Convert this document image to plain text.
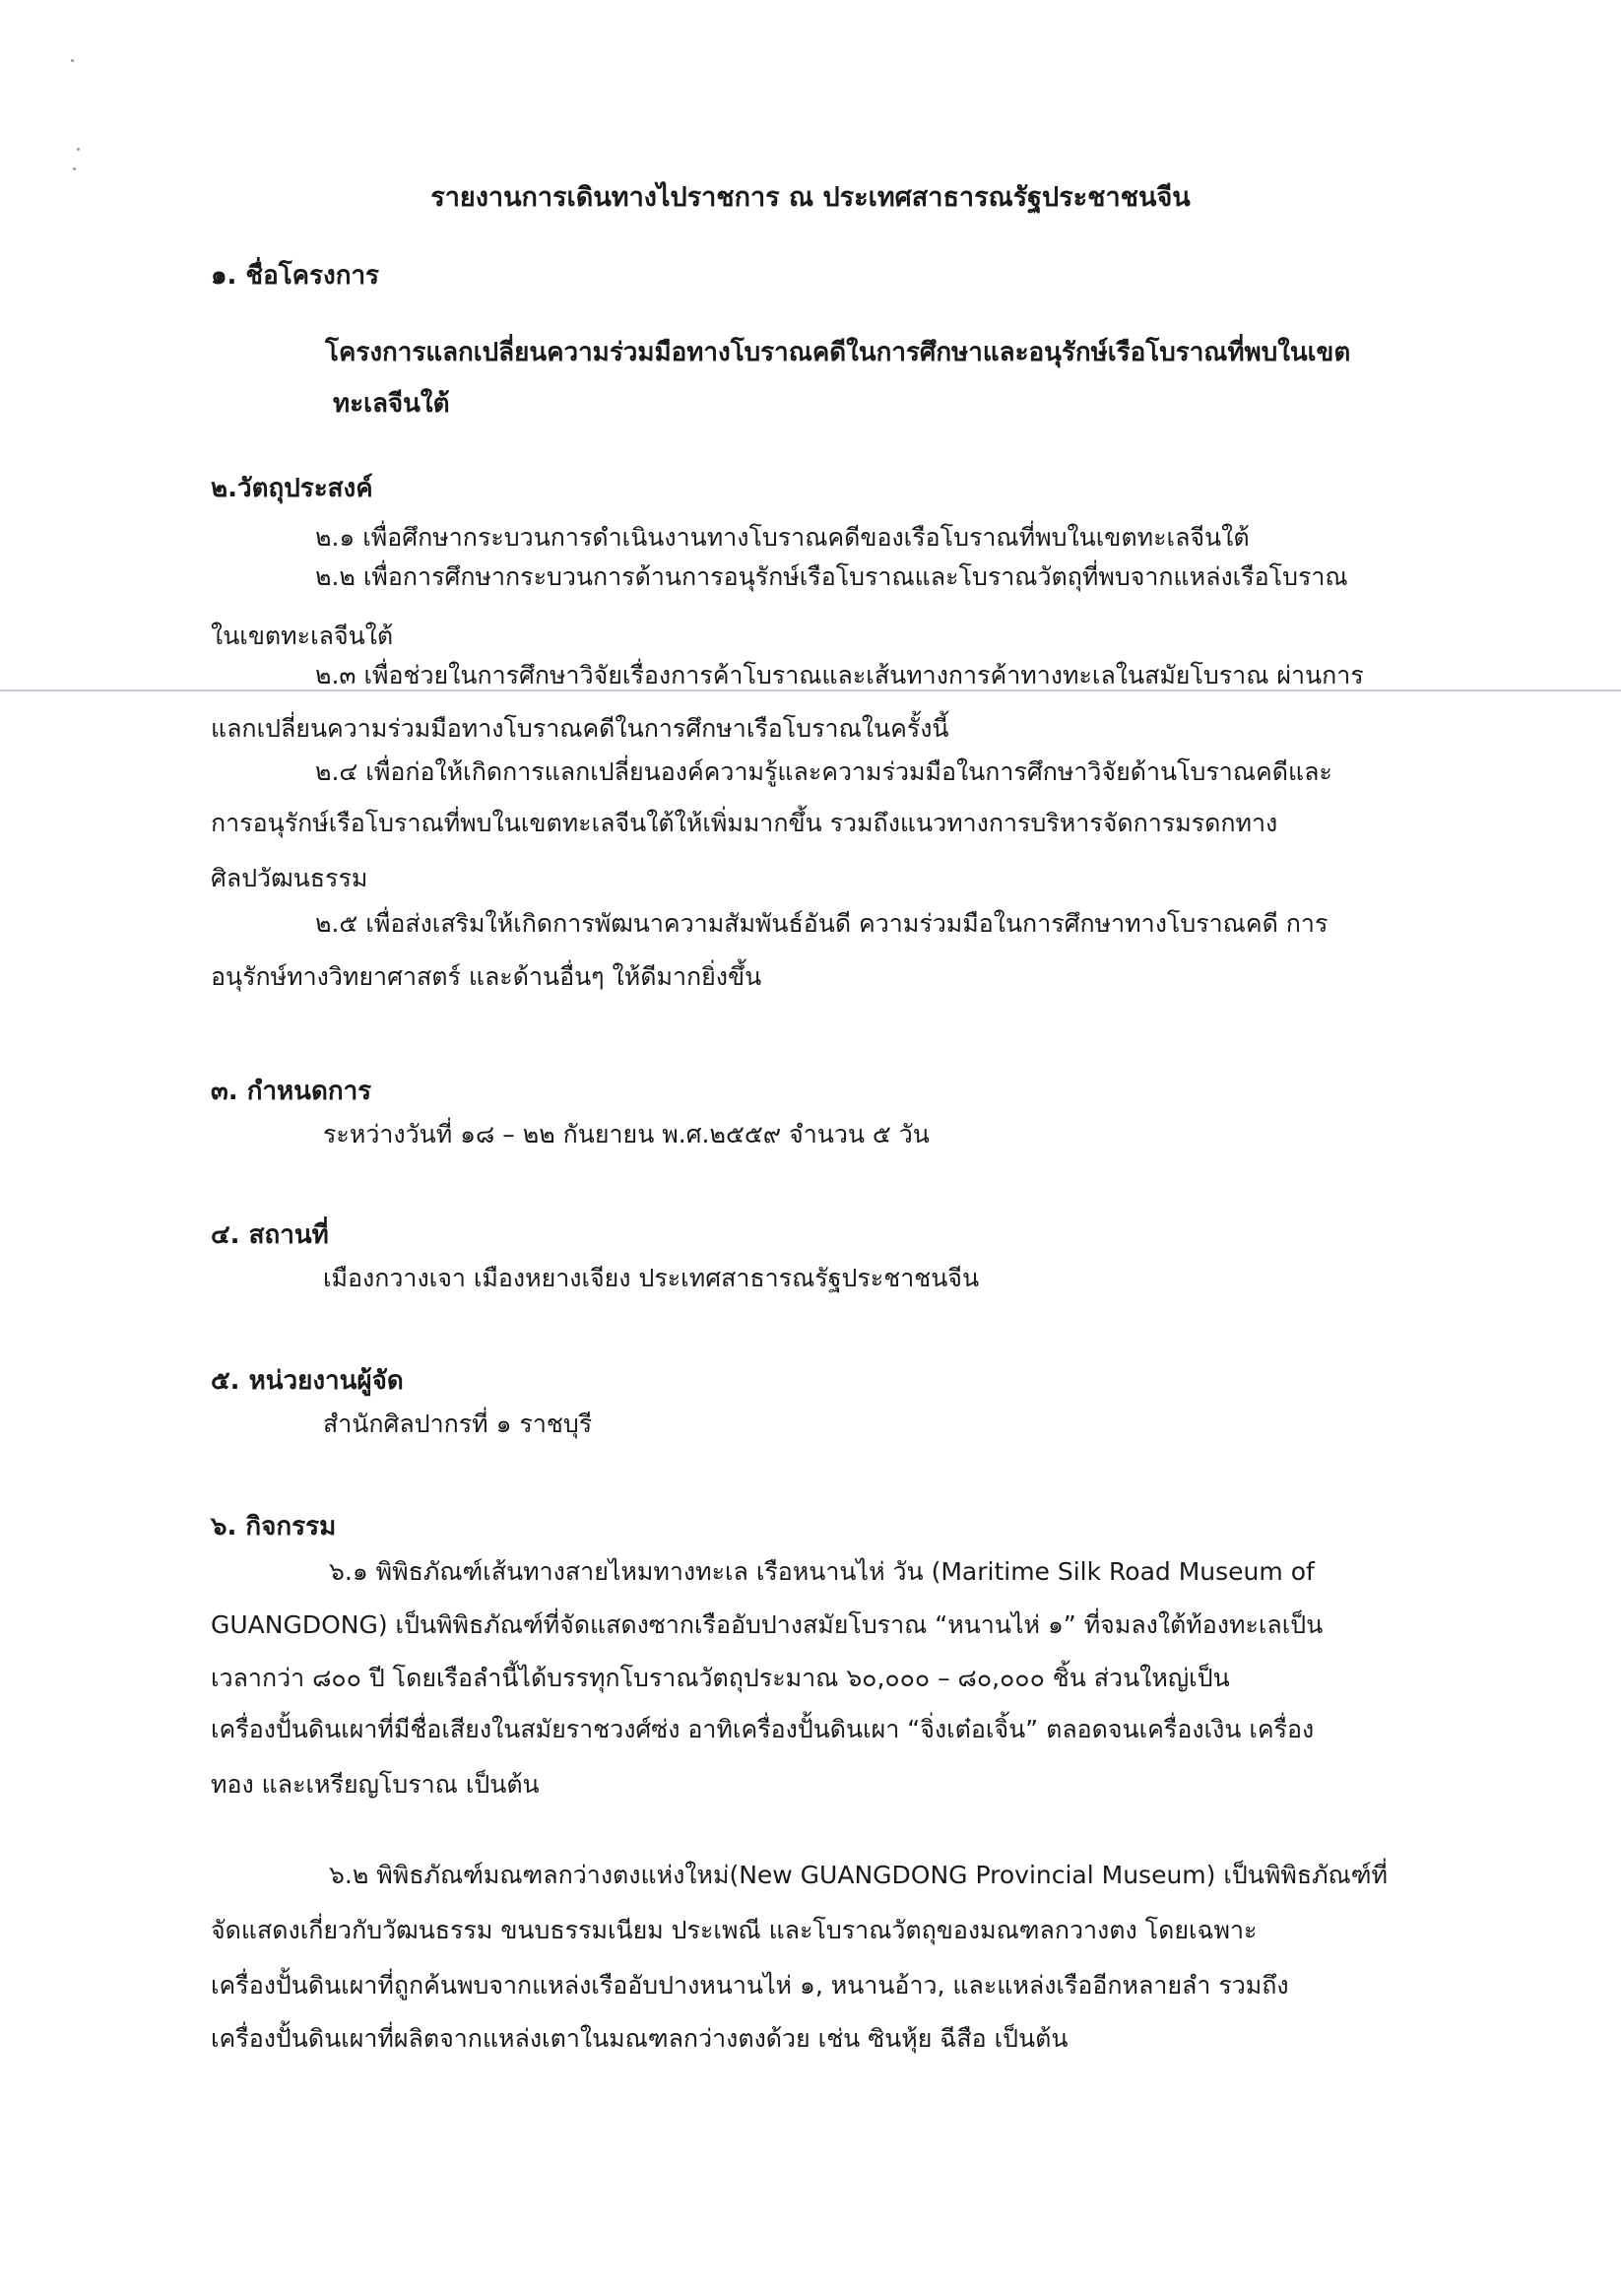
รายงานการเดินทางไปราชการ ณ ประเทศสาธารณรัฐประชาชนจีน
๑. ชื่อโครงการ
โครงการแลกเปลี่ยนความร่วมมือทางโบราณคดีในการศึกษาและอนุรักษ์เรือโบราณที่พบในเขต
ทะเลจีนใต้
๒.วัตถุประสงค์
๒.๑ เพื่อศึกษากระบวนการดำเนินงานทางโบราณคดีของเรือโบราณที่พบในเขตทะเลจีนใต้
๒.๒ เพื่อการศึกษากระบวนการด้านการอนุรักษ์เรือโบราณและโบราณวัตถุที่พบจากแหล่งเรือโบราณ
ในเขตทะเลจีนใต้
๒.๓ เพื่อช่วยในการศึกษาวิจัยเรื่องการค้าโบราณและเส้นทางการค้าทางทะเลในสมัยโบราณ ผ่านการ
แลกเปลี่ยนความร่วมมือทางโบราณคดีในการศึกษาเรือโบราณในครั้งนี้
๒.๔ เพื่อก่อให้เกิดการแลกเปลี่ยนองค์ความรู้และความร่วมมือในการศึกษาวิจัยด้านโบราณคดีและ
การอนุรักษ์เรือโบราณที่พบในเขตทะเลจีนใต้ให้เพิ่มมากขึ้น รวมถึงแนวทางการบริหารจัดการมรดกทาง
ศิลปวัฒนธรรม
๒.๕ เพื่อส่งเสริมให้เกิดการพัฒนาความสัมพันธ์อันดี ความร่วมมือในการศึกษาทางโบราณคดี การ
อนุรักษ์ทางวิทยาศาสตร์ และด้านอื่นๆ ให้ดีมากยิ่งขึ้น
๓. กำหนดการ
ระหว่างวันที่ ๑๘ – ๒๒ กันยายน พ.ศ.๒๕๕๙ จำนวน ๕ วัน
๔. สถานที่
เมืองกวางเจา เมืองหยางเจียง ประเทศสาธารณรัฐประชาชนจีน
๕. หน่วยงานผู้จัด
สำนักศิลปากรที่ ๑ ราชบุรี
๖. กิจกรรม
๖.๑ พิพิธภัณฑ์เส้นทางสายไหมทางทะเล เรือหนานไห่ วัน (Maritime Silk Road Museum of
GUANGDONG) เป็นพิพิธภัณฑ์ที่จัดแสดงซากเรืออับปางสมัยโบราณ “หนานไห่ ๑” ที่จมลงใต้ท้องทะเลเป็น
เวลากว่า ๘๐๐ ปี โดยเรือลำนี้ได้บรรทุกโบราณวัตถุประมาณ ๖๐,๐๐๐ – ๘๐,๐๐๐ ชิ้น ส่วนใหญ่เป็น
เครื่องปั้นดินเผาที่มีชื่อเสียงในสมัยราชวงศ์ซ่ง อาทิเครื่องปั้นดินเผา “จิ่งเต๋อเจิ้น” ตลอดจนเครื่องเงิน เครื่อง
ทอง และเหรียญโบราณ เป็นต้น
๖.๒ พิพิธภัณฑ์มณฑลกว่างตงแห่งใหม่(New GUANGDONG Provincial Museum) เป็นพิพิธภัณฑ์ที่
จัดแสดงเกี่ยวกับวัฒนธรรม ขนบธรรมเนียม ประเพณี และโบราณวัตถุของมณฑลกวางตง โดยเฉพาะ
เครื่องปั้นดินเผาที่ถูกค้นพบจากแหล่งเรืออับปางหนานไห่ ๑, หนานอ้าว, และแหล่งเรืออีกหลายลำ รวมถึง
เครื่องปั้นดินเผาที่ผลิตจากแหล่งเตาในมณฑลกว่างตงด้วย เช่น ซินหุ้ย ฉีสือ เป็นต้น
